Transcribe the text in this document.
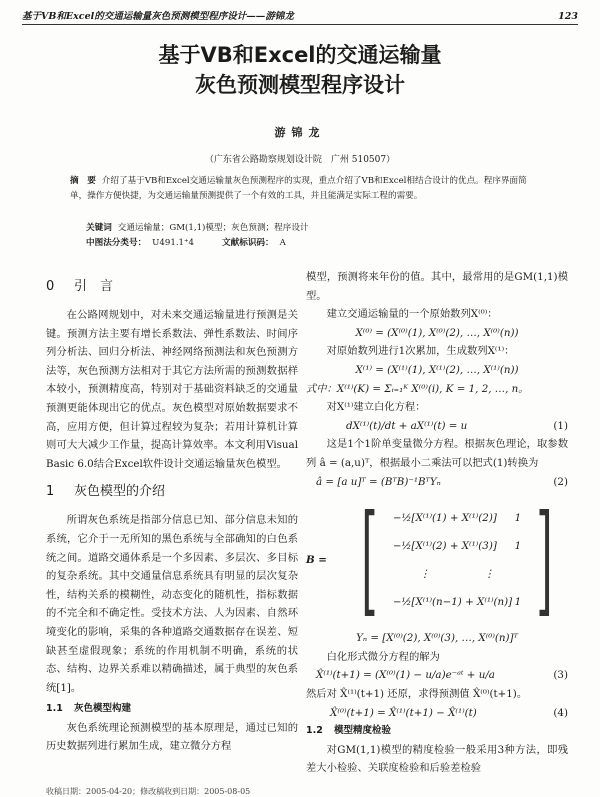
基于VB和Excel的交通运输量灰色预测模型程序设计——游锦龙	123
基于VB和Excel的交通运输量
灰色预测模型程序设计
游锦龙
（广东省公路勘察规划设计院　广州 510507）
摘　要 介绍了基于VB和Excel交通运输量灰色预测程序的实现，重点介绍了VB和Excel相结合设计的优点。程序界面简单，操作方便快捷，为交通运输量预测提供了一个有效的工具，并且能满足实际工程的需要。
关键词 交通运输量；GM(1,1)模型；灰色预测；程序设计
中图法分类号： U491.1⁺4	文献标识码： A
0 引　言

在公路网规划中，对未来交通运输量进行预测是关键。预测方法主要有增长系数法、弹性系数法、时间序列分析法、回归分析法、神经网络预测法和灰色预测方法等，灰色预测方法相对于其它方法所需的预测数据样本较小，预测精度高，特别对于基础资料缺乏的交通量预测更能体现出它的优点。灰色模型对原始数据要求不高，应用方便，但计算过程较为复杂；若用计算机计算则可大大减少工作量，提高计算效率。本文利用Visual Basic 6.0结合Excel软件设计交通运输量灰色模型。

1 灰色模型的介绍

所谓灰色系统是指部分信息已知、部分信息未知的系统，它介于一无所知的黑色系统与全部确知的白色系统之间。道路交通体系是一个多因素、多层次、多目标的复杂系统。其中交通量信息系统具有明显的层次复杂性，结构关系的模糊性，动态变化的随机性，指标数据的不完全和不确定性。受技术方法、人为因素、自然环境变化的影响，采集的各种道路交通数据存在误差、短缺甚至虚假现象；系统的作用机制不明确，系统的状态、结构、边界关系难以精确描述，属于典型的灰色系统[1]。

1.1 灰色模型构建

灰色系统理论预测模型的基本原理是，通过已知的历史数据列进行累加生成，建立微分方程

模型，预测将来年份的值。其中，最常用的是GM(1,1)模型。

建立交通运输量的一个原始数列X⁽⁰⁾：

X⁽⁰⁾ = (X⁽⁰⁾(1), X⁽⁰⁾(2), …, X⁽⁰⁾(n))

对原始数列进行1次累加，生成数列X⁽¹⁾：

X⁽¹⁾ = (X⁽¹⁾(1), X⁽¹⁾(2), …, X⁽¹⁾(n))
式中：X⁽¹⁾(K) = Σᵢ₌₁ᴷ X⁽⁰⁾(i), K = 1, 2, …, n。

对X⁽¹⁾建立白化方程：

dX⁽¹⁾(t)/dt + aX⁽¹⁾(t) = u	(1)

这是1个1阶单变量微分方程。根据灰色理论，取参数列 â = (a,u)ᵀ，根据最小二乘法可以把式(1)转换为

â = [a u]ᵀ = (BᵀB)⁻¹BᵀYₙ	(2)
B = [ −½[X⁽¹⁾(1) + X⁽¹⁾(2)] 1
−½[X⁽¹⁾(2) + X⁽¹⁾(3)] 1
⋮	⋮
−½[X⁽¹⁾(n−1) + X⁽¹⁾(n)] 1 ]
Yₙ = [X⁽⁰⁾(2), X⁽⁰⁾(3), …, X⁽⁰⁾(n)]ᵀ

白化形式微分方程的解为

X̂⁽¹⁾(t+1) = (X⁽⁰⁾(1) − u/a)e⁻ᵃᵗ + u/a	(3)

然后对 X̂⁽¹⁾(t+1) 还原，求得预测值 X̂⁽⁰⁾(t+1)。

X̂⁽⁰⁾(t+1) = X̂⁽¹⁾(t+1) − X̂⁽¹⁾(t)	(4)
1.2 模型精度检验

对GM(1,1)模型的精度检验一般采用3种方法，即残差大小检验、关联度检验和后验差检验

收稿日期：2005-04-20；修改稿收到日期：2005-08-05
